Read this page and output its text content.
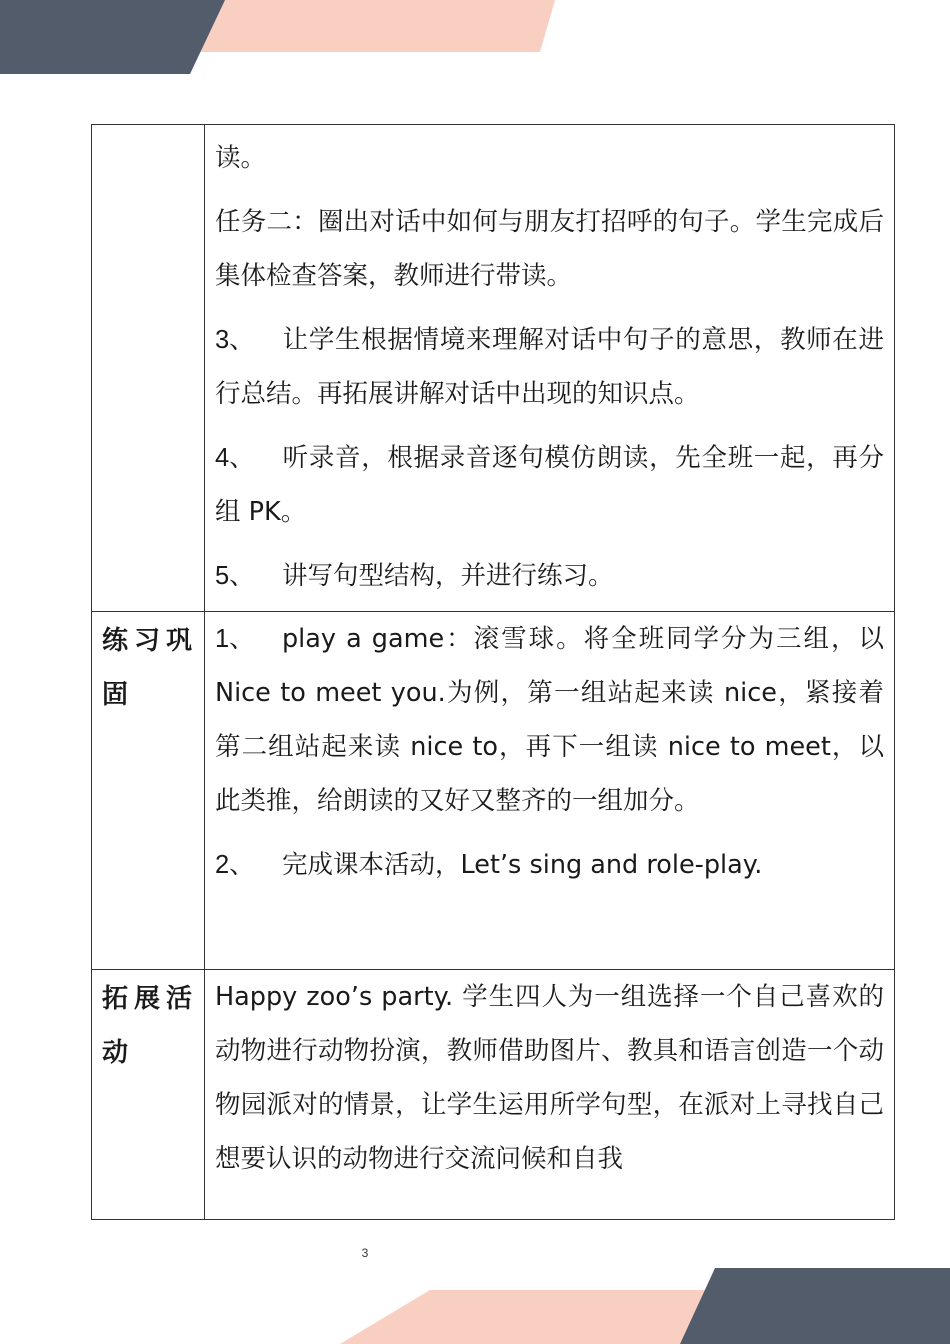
	读。

任务二：圈出对话中如何与朋友打招呼的句子。学生完成后集体检查答案，教师进行带读。

3、 让学生根据情境来理解对话中句子的意思，教师在进行总结。再拓展讲解对话中出现的知识点。

4、 听录音，根据录音逐句模仿朗读，先全班一起，再分组 PK。

5、 讲写句型结构，并进行练习。

练习巩固	1、 play a game：滚雪球。将全班同学分为三组，以 Nice to meet you.为例，第一组站起来读 nice，紧接着第二组站起来读 nice to，再下一组读 nice to meet，以此类推，给朗读的又好又整齐的一组加分。

2、 完成课本活动，Let’s sing and role-play.

拓展活动	Happy zoo’s party. 学生四人为一组选择一个自己喜欢的动物进行动物扮演，教师借助图片、教具和语言创造一个动物园派对的情景，让学生运用所学句型，在派对上寻找自己想要认识的动物进行交流问候和自我

3
